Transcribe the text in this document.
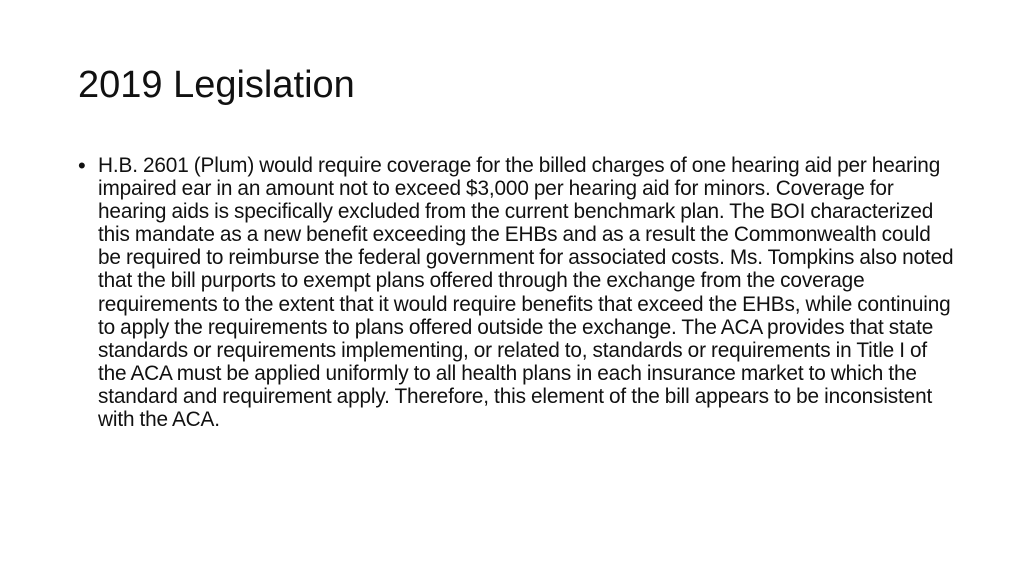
2019 Legislation
• H.B. 2601 (Plum) would require coverage for the billed charges of one hearing aid per hearing impaired ear in an amount not to exceed $3,000 per hearing aid for minors. Coverage for hearing aids is specifically excluded from the current benchmark plan. The BOI characterized this mandate as a new benefit exceeding the EHBs and as a result the Commonwealth could be required to reimburse the federal government for associated costs. Ms. Tompkins also noted that the bill purports to exempt plans offered through the exchange from the coverage requirements to the extent that it would require benefits that exceed the EHBs, while continuing to apply the requirements to plans offered outside the exchange. The ACA provides that state standards or requirements implementing, or related to, standards or requirements in Title I of the ACA must be applied uniformly to all health plans in each insurance market to which the standard and requirement apply. Therefore, this element of the bill appears to be inconsistent with the ACA.
